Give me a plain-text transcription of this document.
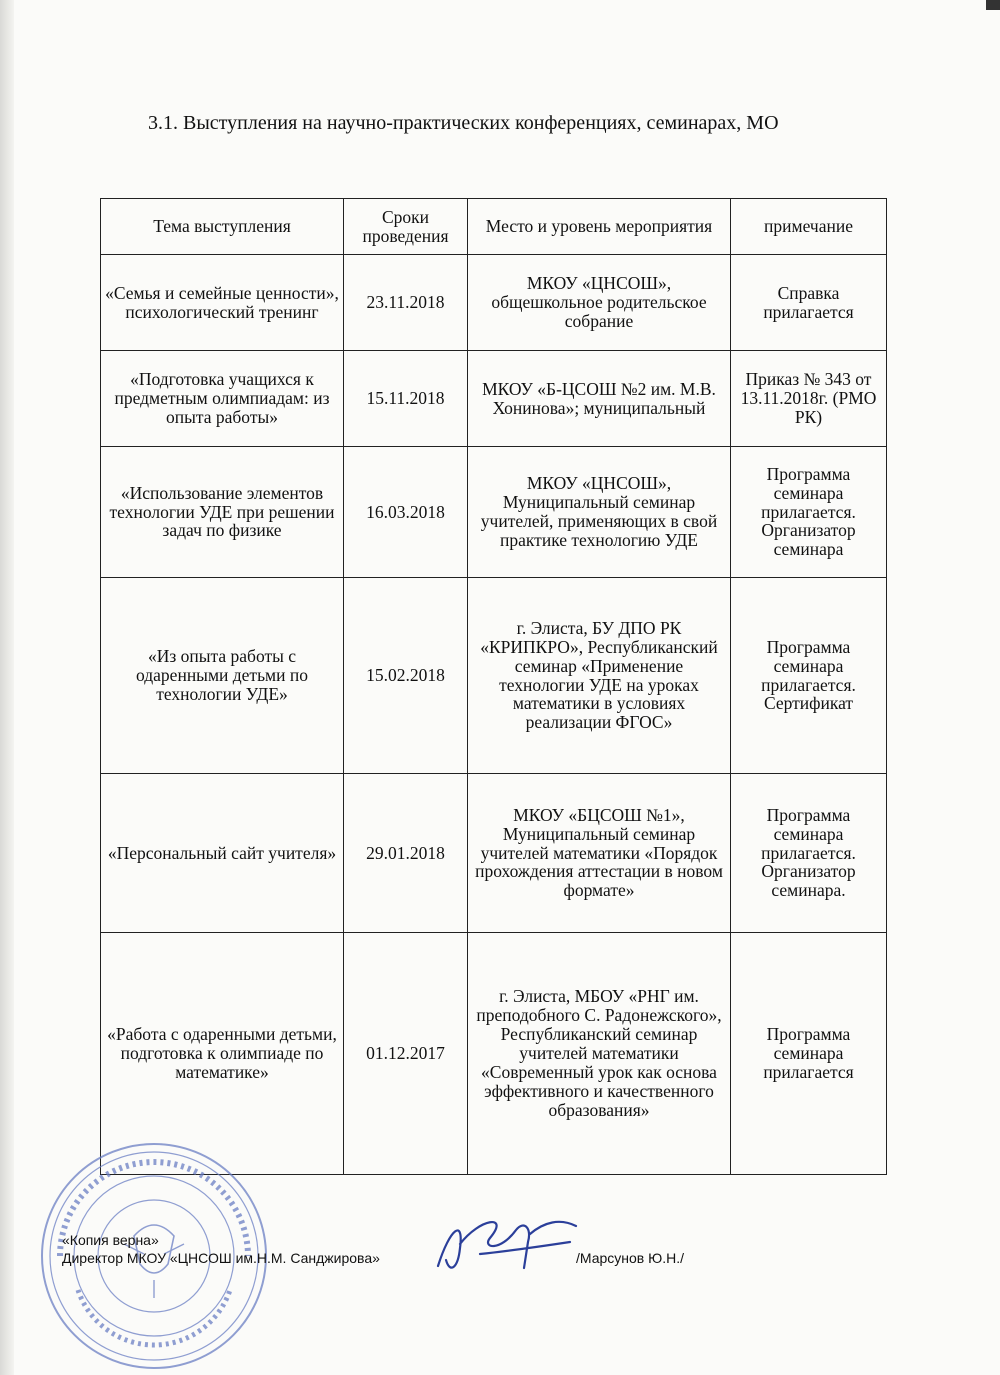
3.1. Выступления на научно-практических конференциях, семинарах, МО
Тема выступления	Сроки проведения	Место и уровень мероприятия	примечание
«Семья и семейные ценности», психологический тренинг	23.11.2018	МКОУ «ЦНСОШ», общешкольное родительское собрание	Справка прилагается
«Подготовка учащихся к предметным олимпиадам: из опыта работы»	15.11.2018	МКОУ «Б-ЦСОШ №2 им. М.В. Хонинова»; муниципальный	Приказ № 343 от 13.11.2018г. (РМО РК)
«Использование элементов технологии УДЕ при решении задач по физике	16.03.2018	МКОУ «ЦНСОШ», Муниципальный семинар учителей, применяющих в свой практике технологию УДЕ	Программа семинара прилагается. Организатор семинара
«Из опыта работы с одаренными детьми по технологии УДЕ»	15.02.2018	г. Элиста, БУ ДПО РК «КРИПКРО», Республиканский семинар «Применение технологии УДЕ на уроках математики в условиях реализации ФГОС»	Программа семинара прилагается. Сертификат
«Персональный сайт учителя»	29.01.2018	МКОУ «БЦСОШ №1», Муниципальный семинар учителей математики «Порядок прохождения аттестации в новом формате»	Программа семинара прилагается. Организатор семинара.
«Работа с одаренными детьми, подготовка к олимпиаде по математике»	01.12.2017	г. Элиста, МБОУ «РНГ им. преподобного С. Радонежского», Республиканский семинар учителей математики «Современный урок как основа эффективного и качественного образования»	Программа семинара прилагается
«Копия верна»
Директор МКОУ «ЦНСОШ им.Н.М. Санджирова»	/Марсунов Ю.Н./
